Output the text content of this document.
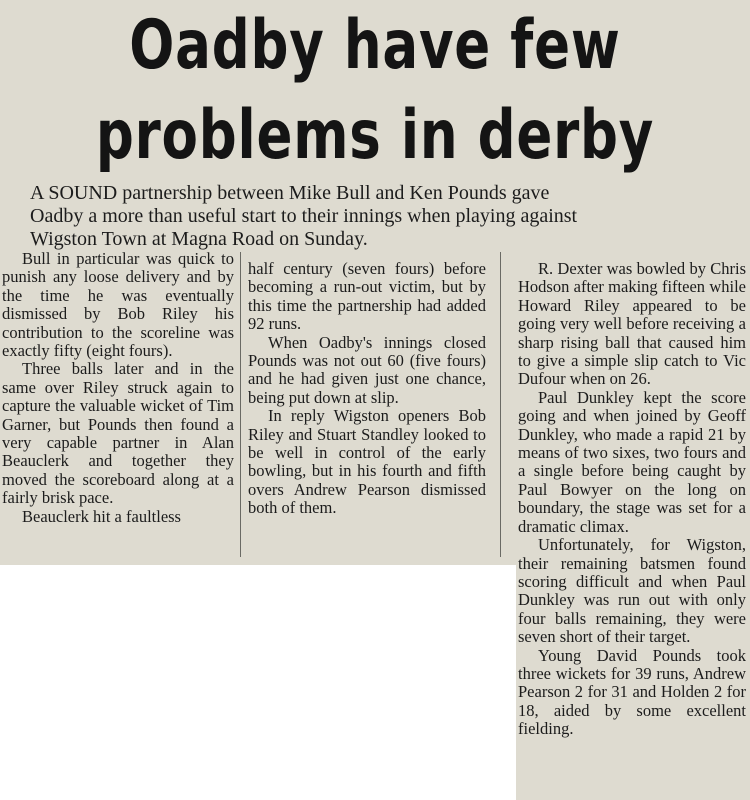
Oadby have few
problems in derby
A SOUND partnership between Mike Bull and Ken Pounds gave
Oadby a more than useful start to their innings when playing against
Wigston Town at Magna Road on Sunday.

Bull in particular was quick to punish any loose delivery and by the time he was eventually dismissed by Bob Riley his contribution to the scoreline was exactly fifty (eight fours).

Three balls later and in the same over Riley struck again to capture the valuable wicket of Tim Garner, but Pounds then found a very capable partner in Alan Beauclerk and together they moved the scoreboard along at a fairly brisk pace.

Beauclerk hit a faultless

half century (seven fours) before becoming a run-out victim, but by this time the partnership had added 92 runs.

When Oadby's innings closed Pounds was not out 60 (five fours) and he had given just one chance, being put down at slip.

In reply Wigston openers Bob Riley and Stuart Standley looked to be well in control of the early bowling, but in his fourth and fifth overs Andrew Pearson dismissed both of them.

R. Dexter was bowled by Chris Hodson after making fifteen while Howard Riley appeared to be going very well before receiving a sharp rising ball that caused him to give a simple slip catch to Vic Dufour when on 26.

Paul Dunkley kept the score going and when joined by Geoff Dunkley, who made a rapid 21 by means of two sixes, two fours and a single before being caught by Paul Bowyer on the long on boundary, the stage was set for a dramatic climax.

Unfortunately, for Wigston, their remaining batsmen found scoring difficult and when Paul Dunkley was run out with only four balls remaining, they were seven short of their target.

Young David Pounds took three wickets for 39 runs, Andrew Pearson 2 for 31 and Holden 2 for 18, aided by some excellent fielding.
